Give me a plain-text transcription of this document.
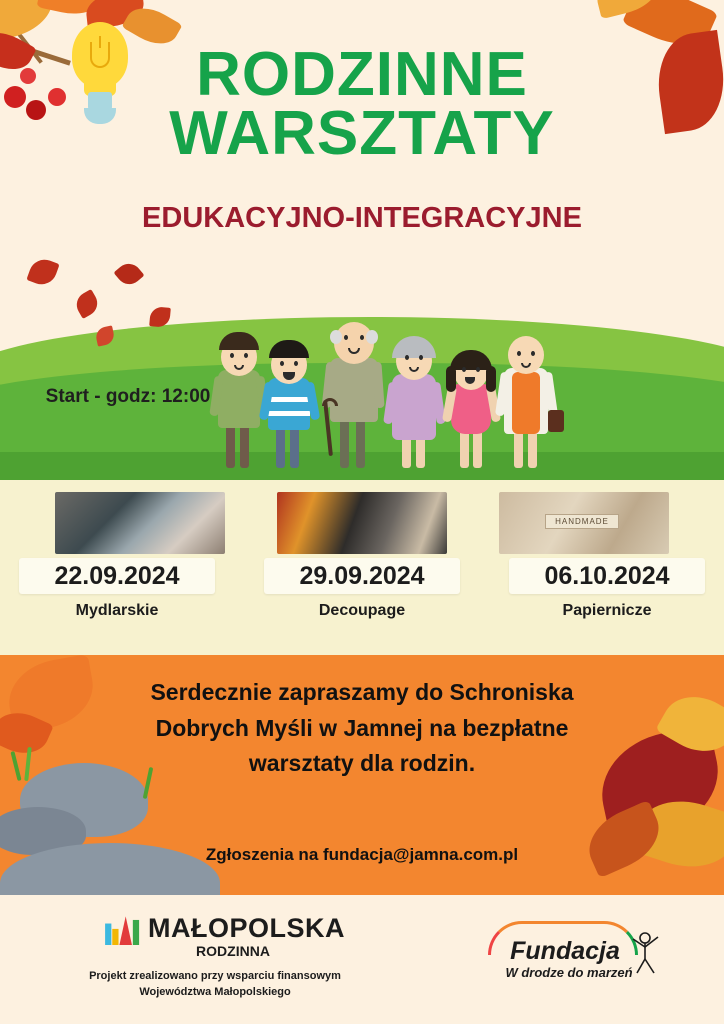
RODZINNE
WARSZTATY
EDUKACYJNO-INTEGRACYJNE
Start - godz: 12:00
22.09.2024
Mydlarskie
29.09.2024
Decoupage
HANDMADE
06.10.2024
Papiernicze
Serdecznie zapraszamy do Schroniska
Dobrych Myśli w Jamnej na bezpłatne
warsztaty dla rodzin.
Zgłoszenia na fundacja@jamna.com.pl
MAŁOPOLSKA
RODZINNA
Projekt zrealizowano przy wsparciu finansowym
Województwa Małopolskiego
Fundacja
W drodze do marzeń
